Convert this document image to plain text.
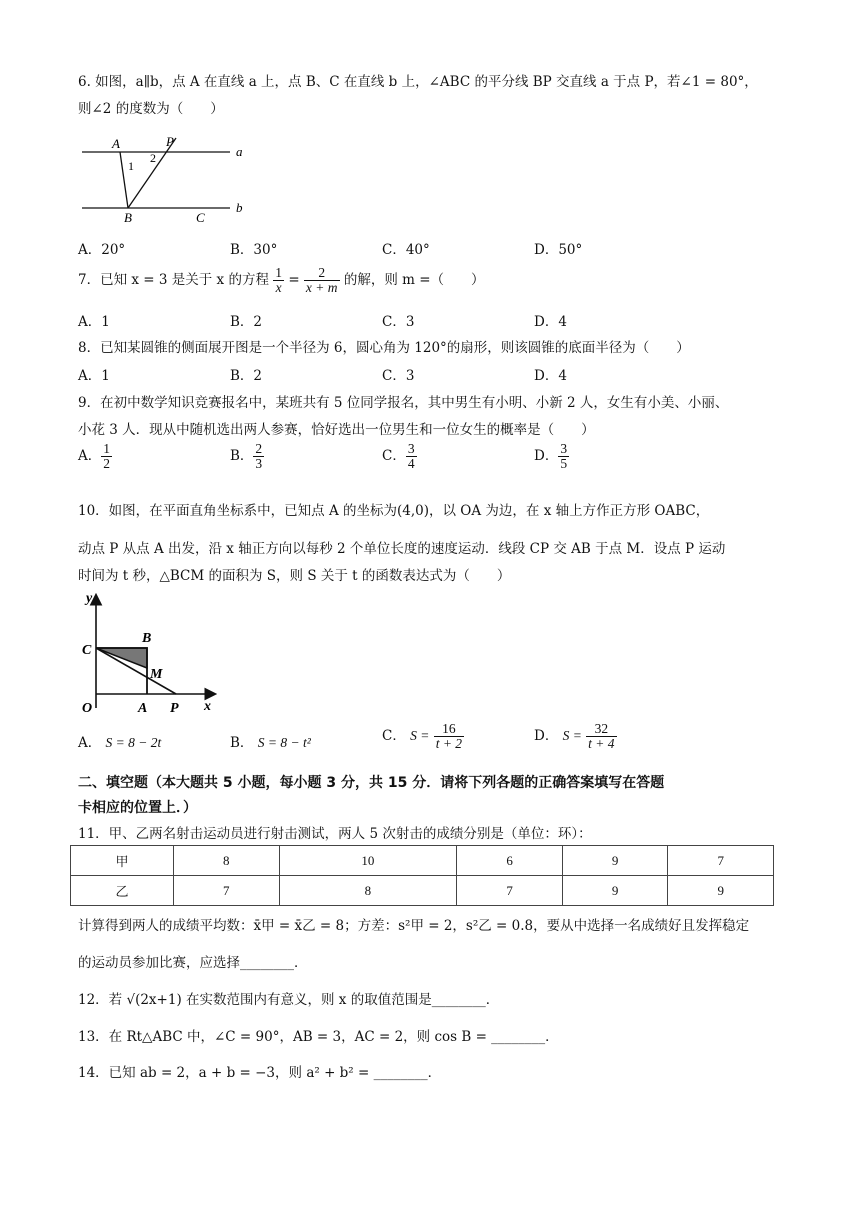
6. 如图，a∥b，点 A 在直线 a 上，点 B、C 在直线 b 上，∠ABC 的平分线 BP 交直线 a 于点 P，若∠1 = 80°，
则∠2 的度数为（　　）
A	P
a
1
2
B	C
b
A．20°	B．30°	C．40°	D．50°
7．已知 x = 3 是关于 x 的方程 $\frac{1}{x} = \frac{2}{x + m}$ 的解，则 m =（　　）
A．1	B．2	C．3	D．4
8．已知某圆锥的侧面展开图是一个半径为 6，圆心角为 120°的扇形，则该圆锥的底面半径为（　　）
A．1	B．2	C．3	D．4
9．在初中数学知识竞赛报名中，某班共有 5 位同学报名，其中男生有小明、小新 2 人，女生有小美、小丽、
小花 3 人．现从中随机选出两人参赛，恰好选出一位男生和一位女生的概率是（　　）
A． $\frac{1}{2}$	B． $\frac{2}{3}$	C． $\frac{3}{4}$	D． $\frac{3}{5}$
10．如图，在平面直角坐标系中，已知点 A 的坐标为(4,0)，以 OA 为边，在 x 轴上方作正方形 OABC，
动点 P 从点 A 出发，沿 x 轴正方向以每秒 2 个单位长度的速度运动．线段 CP 交 AB 于点 M．设点 P 运动
时间为 t 秒，△BCM 的面积为 S，则 S 关于 t 的函数表达式为（　　）
y
x
C
B
M
O	A P
A． S = 8 − 2t	B． S = 8 − t²	C． $S = \frac{16}{t + 2}$	D． $S = \frac{32}{t + 4}$
二、填空题（本大题共 5 小题，每小题 3 分，共 15 分．请将下列各题的正确答案填写在答题
卡相应的位置上．）
11．甲、乙两名射击运动员进行射击测试，两人 5 次射击的成绩分别是（单位：环）：
甲	8	10	6	9	7
乙	7	8	7	9	9
计算得到两人的成绩平均数：x̄甲 = x̄乙 = 8；方差：s²甲 = 2，s²乙 = 0.8，要从中选择一名成绩好且发挥稳定
的运动员参加比赛，应选择________．
12．若 √(2x+1) 在实数范围内有意义，则 x 的取值范围是________．
13．在 Rt△ABC 中，∠C = 90°，AB = 3，AC = 2，则 cos B = ________．
14．已知 ab = 2，a + b = −3，则 a² + b² = ________．
